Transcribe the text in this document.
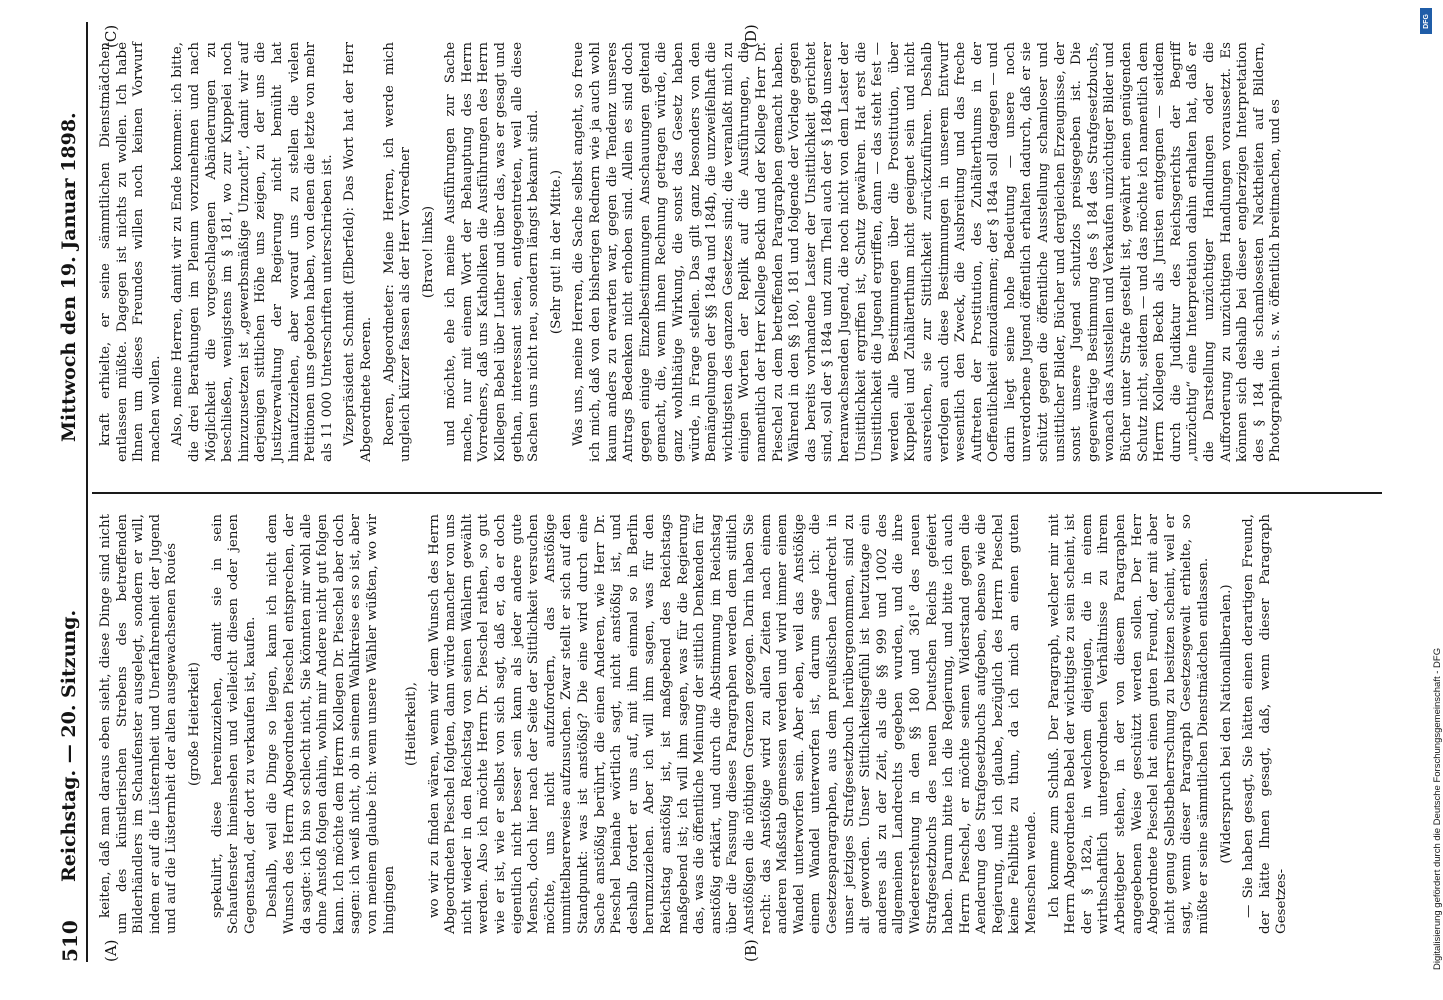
510
Reichstag. — 20. Sitzung.
Mittwoch den 19. Januar 1898.
(A)	(B)
(C)	(D)

keiten, daß man daraus eben sieht, diese Dinge sind nicht um des künstlerischen Strebens des betreffenden Bilderhändlers im Schaufenster ausgelegt, sondern er will, indem er auf die Lüsternheit und Unerfahrenheit der Jugend und auf die Lüsternheit der alten ausgewachsenen Roués (große Heiterkeit) spekulirt, diese hereinzuziehen, damit sie in sein Schaufenster hineinsehen und vielleicht diesen oder jenen Gegenstand, der dort zu verkaufen ist, kaufen. Deshalb, weil die Dinge so liegen, kann ich nicht dem Wunsch des Herrn Abgeordneten Pieschel entsprechen, der da sagte: ich bin so schlecht nicht, Sie könnten mir wohl alle ohne Anstoß folgen dahin, wohin mir Andere nicht gut folgen kann. Ich möchte dem Herrn Kollegen Dr. Pieschel aber doch sagen: ich weiß nicht, ob in seinem Wahlkreise es so ist, aber von meinem glaube ich: wenn unsere Wähler wüßten, wo wir hingingen

(Heiterkeit), wo wir zu finden wären, wenn wir dem Wunsch des Herrn Abgeordneten Pieschel folgten, dann würde mancher von uns nicht wieder in den Reichstag von seinen Wählern gewählt werden. Also ich möchte Herrn Dr. Pieschel rathen, so gut wie er ist, wie er selbst von sich sagt, daß er, da er doch eigentlich nicht besser sein kann als jeder andere gute Mensch, doch hier nach der Seite der Sittlichkeit versuchen möchte, uns nicht aufzufordern, das Anstößige unmittelbarerweise aufzusuchen. Zwar stellt er sich auf den Standpunkt: was ist anstößig? Die eine wird durch eine Sache anstößig berührt, die einen Anderen, wie Herr Dr. Pieschel beinahe wörtlich sagt, nicht anstößig ist, und deshalb fordert er uns auf, mit ihm einmal so in Berlin herumzuziehen. Aber ich will ihm sagen, was für den Reichstag anstößig ist, ist maßgebend des Reichstags maßgebend ist; ich will ihm sagen, was für die Regierung das, was die öffentliche Meinung der sittlich Denkenden für anstößig erklärt, und durch die Abstimmung im Reichstag über die Fassung dieses Paragraphen werden dem sittlich Anstößigen die nöthigen Grenzen gezogen. Darin haben Sie recht: das Anstößige wird zu allen Zeiten nach einem anderen Maßstab gemessen werden und wird immer einem Wandel unterworfen sein. Aber eben, weil das Anstößige einem Wandel unterworfen ist, darum sage ich: die Gesetzesparagraphen, aus dem preußischen Landrecht in unser jetziges Strafgesetzbuch herübergenommen, sind zu alt geworden. Unser Sittlichkeitsgefühl ist heutzutage ein anderes als zu der Zeit, als die §§ 999 und 1002 des allgemeinen Landrechts gegeben wurden, und die ihre Wiedererstehung in den §§ 180 und 361⁶ des neuen Strafgesetzbuchs des neuen Deutschen Reichs gefeiert haben. Darum bitte ich die Regierung, und bitte ich auch Herrn Pieschel, er möchte seinen Widerstand gegen die Aenderung des Strafgesetzbuchs aufgeben, ebenso wie die Regierung, und ich glaube, bezüglich des Herrn Pieschel keine Fehlbitte zu thun, da ich mich an einen guten Menschen wende. Ich komme zum Schluß. Der Paragraph, welcher mir mit Herrn Abgeordneten Bebel der wichtigste zu sein scheint, ist der § 182a, in welchem diejenigen, die in einem wirthschaftlich untergeordneten Verhältnisse zu ihrem Arbeitgeber stehen, in der von diesem Paragraphen angegebenen Weise geschützt werden sollen. Der Herr Abgeordnete Pieschel hat einen guten Freund, der mit aber nicht genug Selbstbeherrschung zu besitzen scheint, weil er sagt, wenn dieser Paragraph Gesetzesgewalt erhielte, so müßte er seine sämmtlichen Dienstmädchen entlassen. (Widerspruch bei den Nationalliberalen.) — Sie haben gesagt, Sie hätten einen derartigen Freund, der hätte Ihnen gesagt, daß, wenn dieser Paragraph Gesetzes-

kraft erhielte, er seine sämmtlichen Dienstmädchen entlassen müßte. Dagegen ist nichts zu wollen. Ich habe Ihnen um dieses Freundes willen noch keinen Vorwurf machen wollen. Also, meine Herren, damit wir zu Ende kommen: ich bitte, die drei Berathungen im Plenum vorzunehmen und nach Möglichkeit die vorgeschlagenen Abänderungen zu beschließen, wenigstens im § 181, wo zur Kuppelei noch hinzuzusetzen ist „gewerbsmäßige Unzucht“, damit wir auf derjenigen sittlichen Höhe uns zeigen, zu der uns die Justizverwaltung der Regierung nicht bemüht hat hinaufzuziehen, aber worauf uns zu stellen die vielen Petitionen uns geboten haben, von denen die letzte von mehr als 11 000 Unterschriften unterschrieben ist. Vizepräsident Schmidt (Elberfeld): Das Wort hat der Herr Abgeordnete Roeren. Roeren, Abgeordneter: Meine Herren, ich werde mich ungleich kürzer fassen als der Herr Vorredner (Bravo! links) und möchte, ehe ich meine Ausführungen zur Sache mache, nur mit einem Wort der Behauptung des Herrn Vorredners, daß uns Katholiken die Ausführungen des Herrn Kollegen Bebel über Luther und über das, was er gesagt und gethan, interessant seien, entgegentreten, weil alle diese Sachen uns nicht neu, sondern längst bekannt sind. (Sehr gut! in der Mitte.) Was uns, meine Herren, die Sache selbst angeht, so freue ich mich, daß von den bisherigen Rednern wie ja auch wohl kaum anders zu erwarten war, gegen die Tendenz unseres Antrags Bedenken nicht erhoben sind. Allein es sind doch gegen einige Einzelbestimmungen Anschauungen geltend gemacht, die, wenn ihnen Rechnung getragen würde, die ganz wohlthätige Wirkung, die sonst das Gesetz haben würde, in Frage stellen. Das gilt ganz besonders von den Bemängelungen der §§ 184a und 184b, die unzweifelhaft die wichtigsten des ganzen Gesetzes sind; die veranlaßt mich zu einigen Worten der Replik auf die Ausführungen, die namentlich der Herr Kollege Beckh und der Kollege Herr Dr. Pieschel zu dem betreffenden Paragraphen gemacht haben. Während in den §§ 180, 181 und folgende der Vorlage gegen das bereits vorhandene Laster der Unsittlichkeit gerichtet sind, soll der § 184a und zum Theil auch der § 184b unserer heranwachsenden Jugend, die noch nicht von dem Laster der Unsittlichkeit ergriffen ist, Schutz gewähren. Hat erst die Unsittlichkeit die Jugend ergriffen, dann — das steht fest — werden alle Bestimmungen über die Prostitution, über Kuppelei und Zuhälterthum nicht geeignet sein und nicht ausreichen, sie zur Sittlichkeit zurückzuführen. Deshalb verfolgen auch diese Bestimmungen in unserem Entwurf wesentlich den Zweck, die Ausbreitung und das freche Auftreten der Prostitution, des Zuhälterthums in der Oeffentlichkeit einzudämmen; der § 184a soll dagegen — und darin liegt seine hohe Bedeutung — unsere noch unverdorbene Jugend öffentlich erhalten dadurch, daß er sie schützt gegen die öffentliche Ausstellung schamloser und unsittlicher Bilder, Bücher und dergleichen Erzeugnisse, der sonst unsere Jugend schutzlos preisgegeben ist. Die gegenwärtige Bestimmung des § 184 des Strafgesetzbuchs, wonach das Ausstellen und Verkaufen unzüchtiger Bilder und Bücher unter Strafe gestellt ist, gewährt einen genügenden Schutz nicht, seitdem — und das möchte ich namentlich dem Herrn Kollegen Beckh als Juristen entgegnen — seitdem durch die Judikatur des Reichsgerichts der Begriff „unzüchtig“ eine Interpretation dahin erhalten hat, daß er die Darstellung unzüchtiger Handlungen oder die Aufforderung zu unzüchtigen Handlungen voraussetzt. Es können sich deshalb bei dieser engherzigen Interpretation des § 184 die schamlosesten Nacktheiten auf Bildern, Photographien u. s. w. öffentlich breitmachen, und es

DFG
Digitalisierung gefördert durch die Deutsche Forschungsgemeinschaft - DFG
